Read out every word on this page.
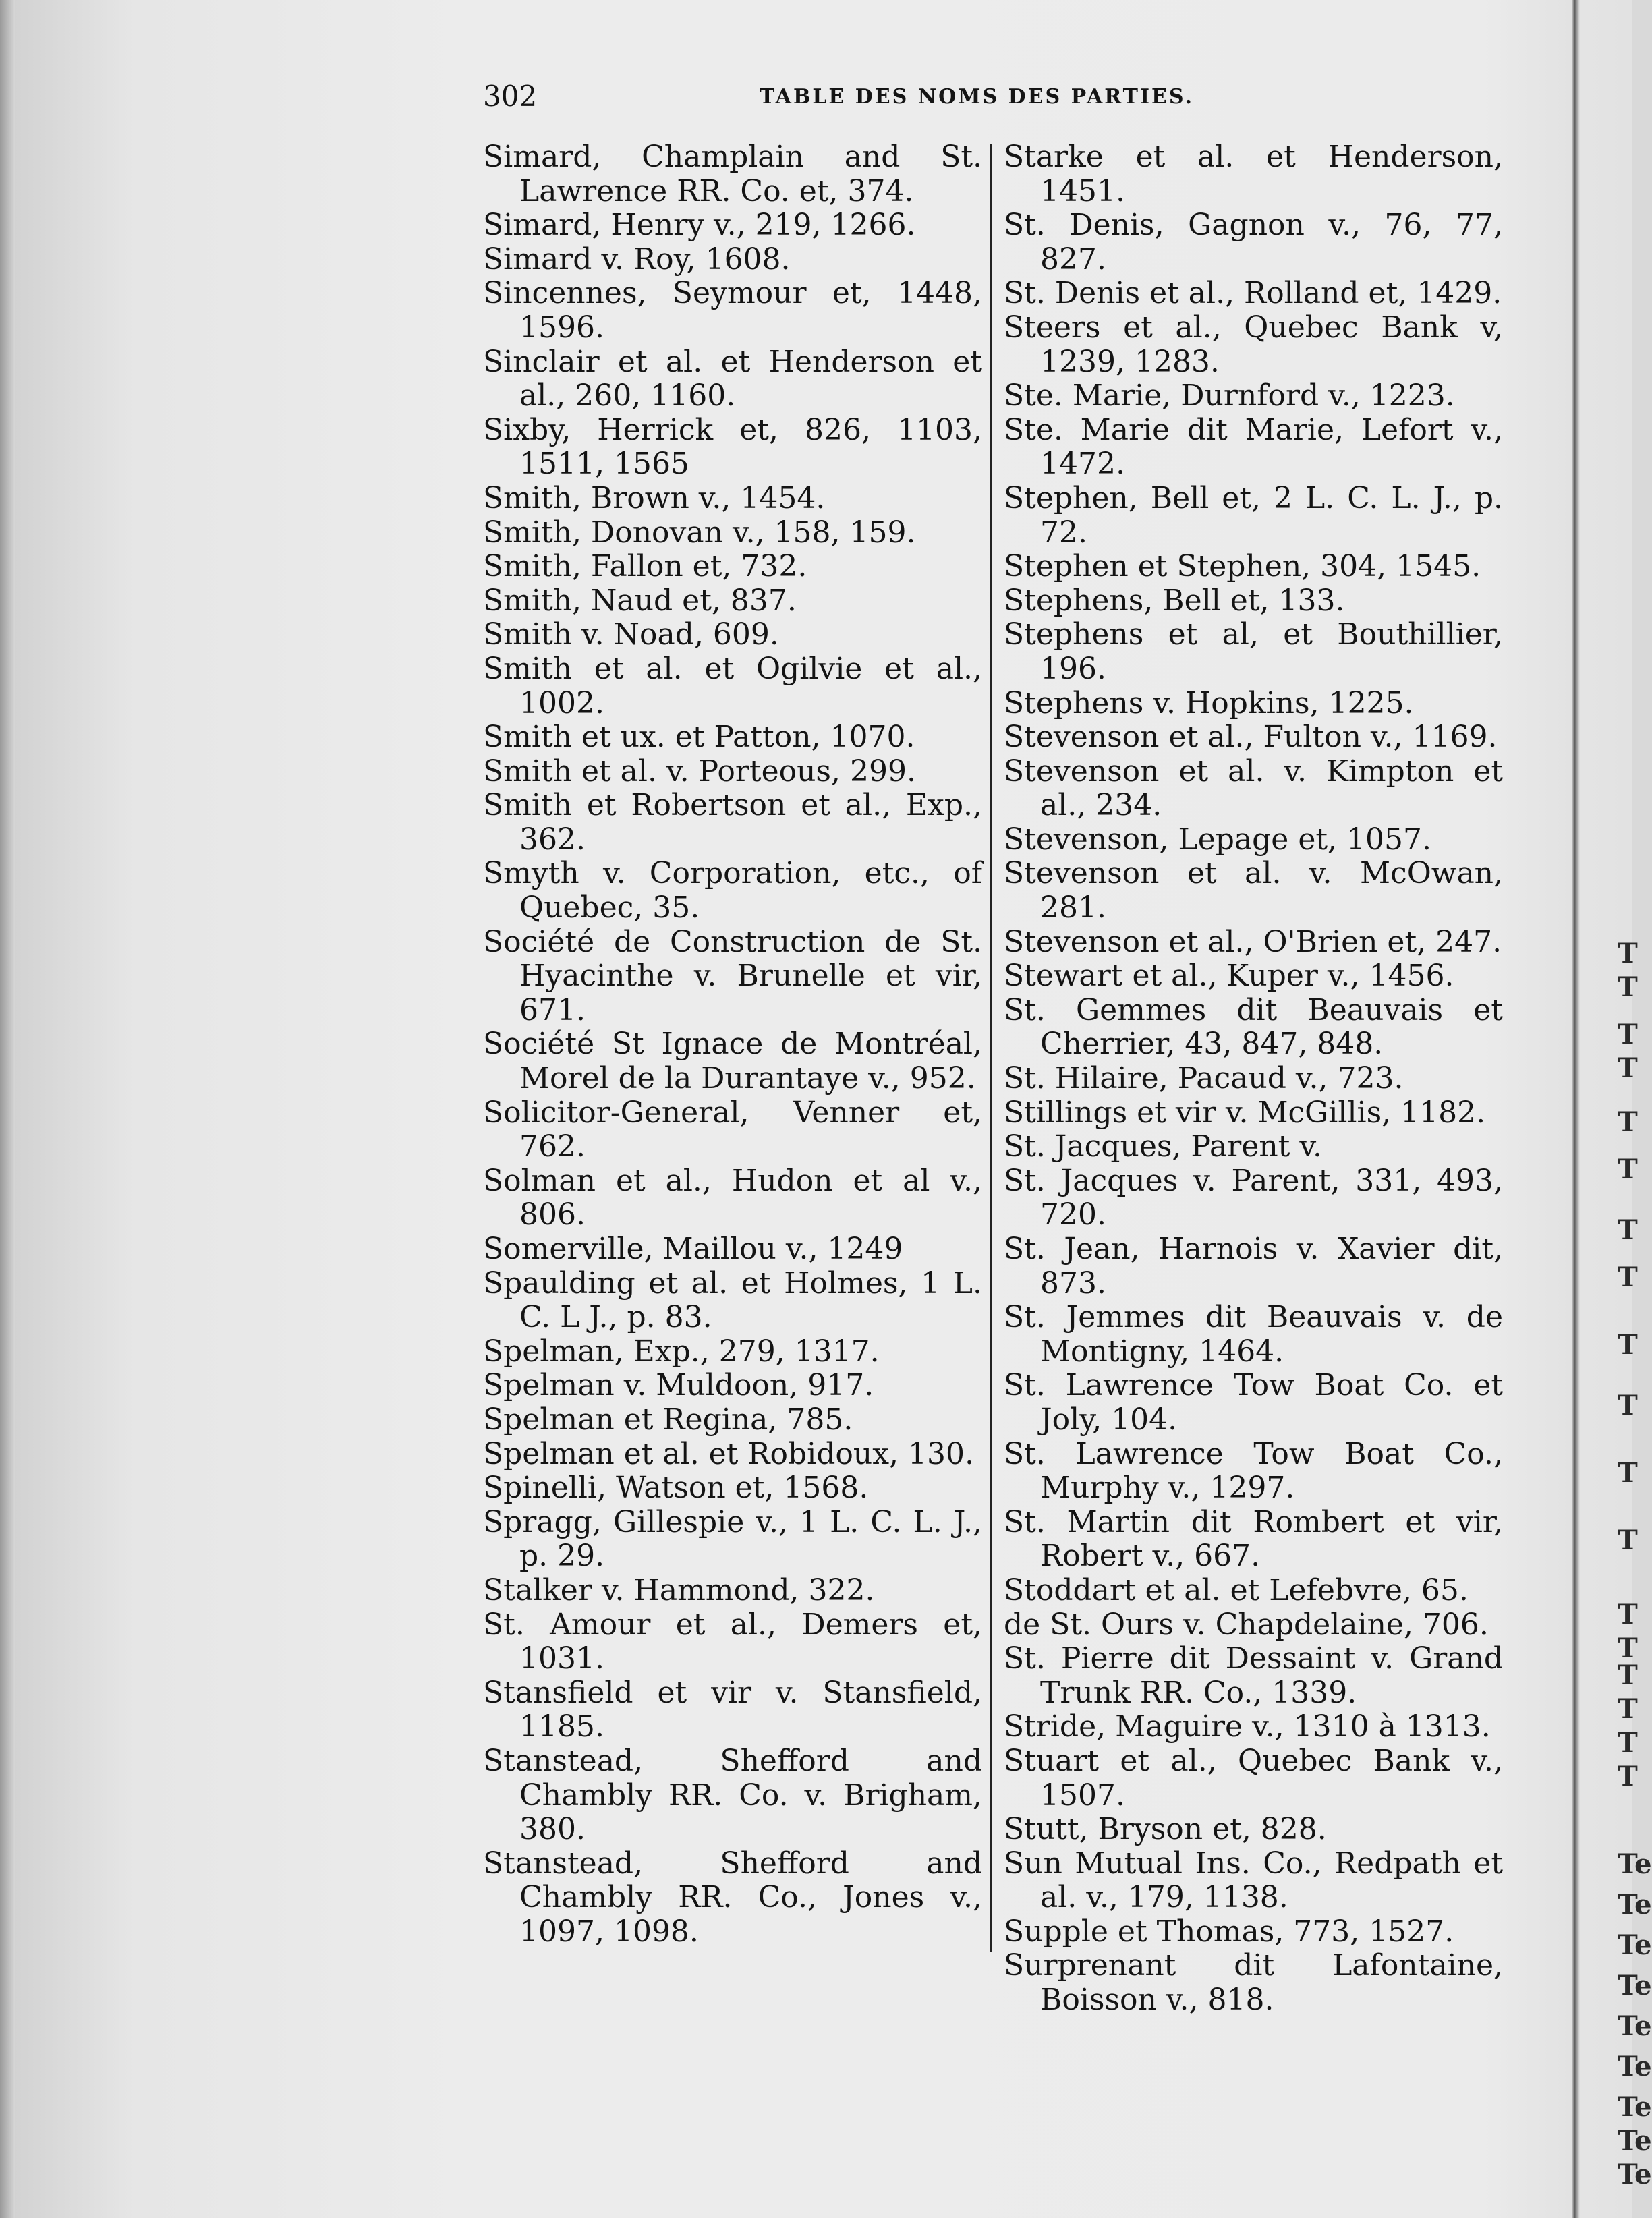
302	TABLE DES NOMS DES PARTIES.

Simard, Champlain and St. Lawrence RR. Co. et, 374.

Simard, Henry v., 219, 1266.

Simard v. Roy, 1608.

Sincennes, Seymour et, 1448, 1596.

Sinclair et al. et Henderson et al., 260, 1160.

Sixby, Herrick et, 826, 1103, 1511, 1565

Smith, Brown v., 1454.

Smith, Donovan v., 158, 159.

Smith, Fallon et, 732.

Smith, Naud et, 837.

Smith v. Noad, 609.

Smith et al. et Ogilvie et al., 1002.

Smith et ux. et Patton, 1070.

Smith et al. v. Porteous, 299.

Smith et Robertson et al., Exp., 362.

Smyth v. Corporation, etc., of Quebec, 35.

Société de Construction de St. Hyacinthe v. Brunelle et vir, 671.

Société St Ignace de Montréal, Morel de la Durantaye v., 952.

Solicitor-General, Venner et, 762.

Solman et al., Hudon et al v., 806.

Somerville, Maillou v., 1249

Spaulding et al. et Holmes, 1 L. C. L J., p. 83.

Spelman, Exp., 279, 1317.

Spelman v. Muldoon, 917.

Spelman et Regina, 785.

Spelman et al. et Robidoux, 130.

Spinelli, Watson et, 1568.

Spragg, Gillespie v., 1 L. C. L. J., p. 29.

Stalker v. Hammond, 322.

St. Amour et al., Demers et, 1031.

Stansfield et vir v. Stansfield, 1185.

Stanstead, Shefford and Chambly RR. Co. v. Brigham, 380.

Stanstead, Shefford and Chambly RR. Co., Jones v., 1097, 1098.

Starke et al. et Henderson, 1451.

St. Denis, Gagnon v., 76, 77, 827.

St. Denis et al., Rolland et, 1429.

Steers et al., Quebec Bank v, 1239, 1283.

Ste. Marie, Durnford v., 1223.

Ste. Marie dit Marie, Lefort v., 1472.

Stephen, Bell et, 2 L. C. L. J., p. 72.

Stephen et Stephen, 304, 1545.

Stephens, Bell et, 133.

Stephens et al, et Bouthillier, 196.

Stephens v. Hopkins, 1225.

Stevenson et al., Fulton v., 1169.

Stevenson et al. v. Kimpton et al., 234.

Stevenson, Lepage et, 1057.

Stevenson et al. v. McOwan, 281.

Stevenson et al., O'Brien et, 247.

Stewart et al., Kuper v., 1456.

St. Gemmes dit Beauvais et Cherrier, 43, 847, 848.

St. Hilaire, Pacaud v., 723.

Stillings et vir v. McGillis, 1182.

St. Jacques, Parent v.

St. Jacques v. Parent, 331, 493, 720.

St. Jean, Harnois v. Xavier dit, 873.

St. Jemmes dit Beauvais v. de Montigny, 1464.

St. Lawrence Tow Boat Co. et Joly, 104.

St. Lawrence Tow Boat Co., Murphy v., 1297.

St. Martin dit Rombert et vir, Robert v., 667.

Stoddart et al. et Lefebvre, 65.

de St. Ours v. Chapdelaine, 706.

St. Pierre dit Dessaint v. Grand Trunk RR. Co., 1339.

Stride, Maguire v., 1310 à 1313.

Stuart et al., Quebec Bank v., 1507.

Stutt, Bryson et, 828.

Sun Mutual Ins. Co., Redpath et al. v., 179, 1138.

Supple et Thomas, 773, 1527.

Surprenant dit Lafontaine, Boisson v., 818.

T
T
T
T
T
T
T
T
T
T
T
T
T
T
T
T
T
T
Te
Te
Te
Te
Te
Te
Te
Te
Te
